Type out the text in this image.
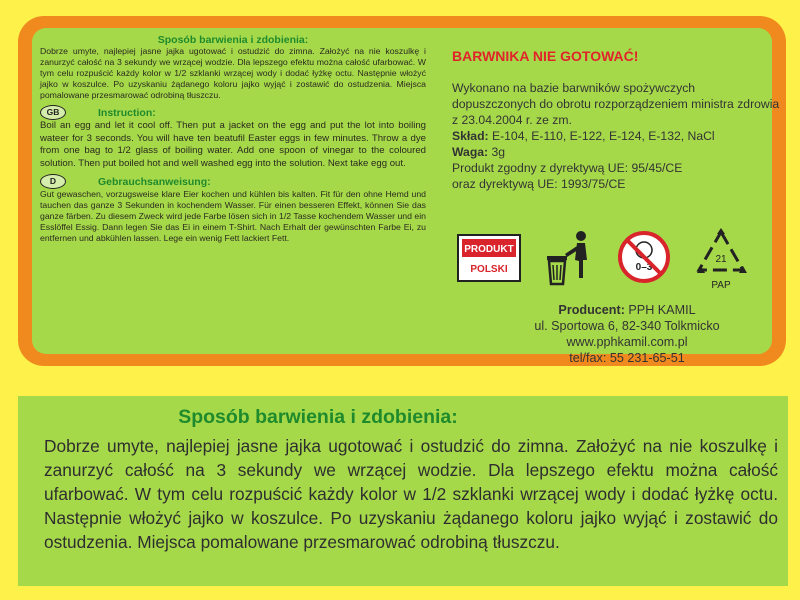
Sposób barwienia i zdobienia:

Dobrze umyte, najlepiej jasne jajka ugotować i ostudzić do zimna. Założyć na nie koszulkę i zanurzyć całość na 3 sekundy we wrzącej wodzie. Dla lepszego efektu można całość ufarbować. W tym celu rozpuścić każdy kolor w 1/2 szklanki wrzącej wody i dodać łyżkę octu. Następnie włożyć jajko w koszulce. Po uzyskaniu żądanego koloru jajko wyjąć i zostawić do ostudzenia. Miejsca pomalowane przesmarować odrobiną tłuszczu.

GB	Instruction:

Boil an egg and let it cool off. Then put a jacket on the egg and put the lot into boiling wateer for 3 seconds. You will have ten beatufil Easter eggs in few minutes. Throw a dye from one bag to 1/2 glass of boiling water. Add one spoon of vinegar to the coloured solution. Then put boiled hot and well washed egg into the solution. Next take egg out.

D	Gebrauchsanweisung:

Gut gewaschen, vorzugsweise klare Eier kochen und kühlen bis kalten. Fit für den ohne Hemd und tauchen das ganze 3 Sekunden in kochendem Wasser. Für einen besseren Effekt, können Sie das ganze färben. Zu diesem Zweck wird jede Farbe lösen sich in 1/2 Tasse kochendem Wasser und ein Esslöffel Essig. Dann legen Sie das Ei in einem T-Shirt. Nach Erhalt der gewünschten Farbe Ei, zu entfernen und abkühlen lassen. Lege ein wenig Fett lackiert Fett.

BARWNIKA NIE GOTOWAĆ!

Wykonano na bazie barwników spożywczych dopuszczonych do obrotu rozporządzeniem ministra zdrowia z 23.04.2004 r. ze zm.
Skład: E-104, E-110, E-122, E-124, E-132, NaCl
Waga: 3g
Produkt zgodny z dyrektywą UE: 95/45/CE
oraz dyrektywą UE: 1993/75/CE

PRODUKT
POLSKI	0–3
21
PAP
Producent: PPH KAMIL
ul. Sportowa 6, 82-340 Tolkmicko
www.pphkamil.com.pl
tel/fax: 55 231-65-51

Sposób barwienia i zdobienia:

Dobrze umyte, najlepiej jasne jajka ugotować i ostudzić do zimna. Założyć na nie koszulkę i zanurzyć całość na 3 sekundy we wrzącej wodzie. Dla lepszego efektu można całość ufarbować. W tym celu rozpuścić każdy kolor w 1/2 szklanki wrzącej wody i dodać łyżkę octu. Następnie włożyć jajko w koszulce. Po uzyskaniu żądanego koloru jajko wyjąć i zostawić do ostudzenia. Miejsca pomalowane przesmarować odrobiną tłuszczu.
